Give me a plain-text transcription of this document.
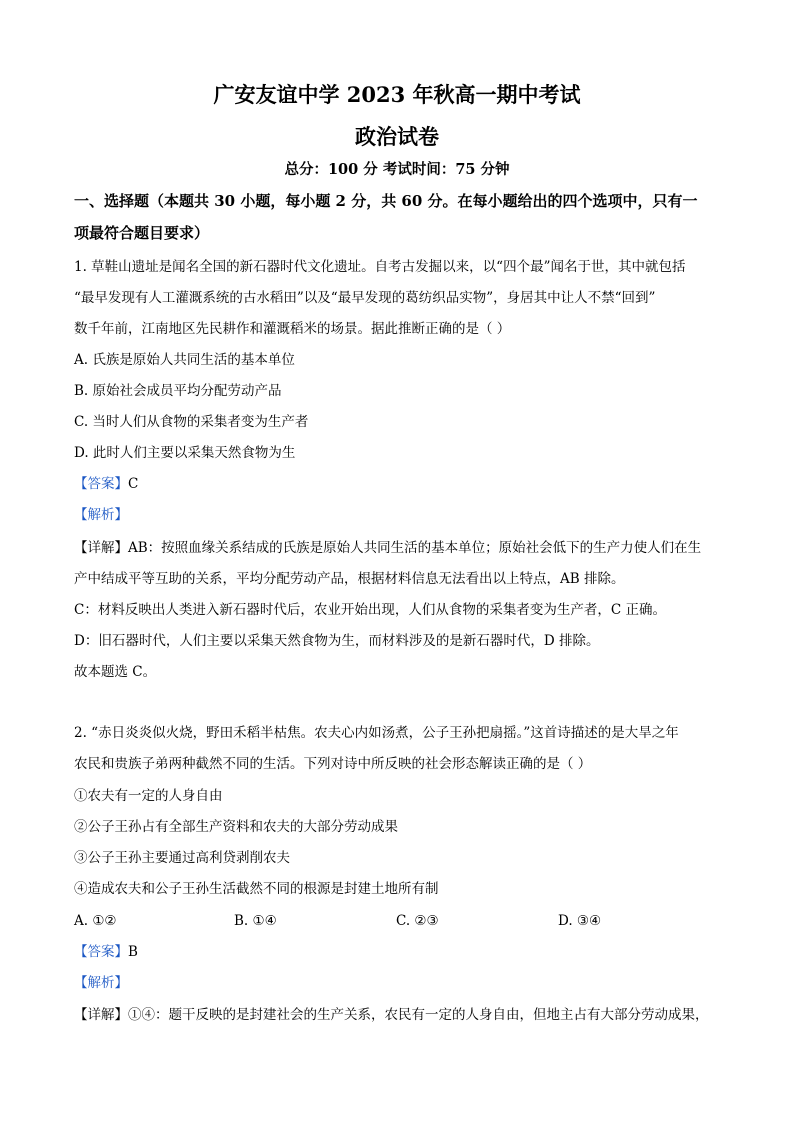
广安友谊中学 2023 年秋高一期中考试
政治试卷
总分：100 分 考试时间：75 分钟
一、选择题（本题共 30 小题，每小题 2 分，共 60 分。在每小题给出的四个选项中，只有一
项最符合题目要求）
1. 草鞋山遗址是闻名全国的新石器时代文化遗址。自考古发掘以来，以“四个最”闻名于世，其中就包括
“最早发现有人工灌溉系统的古水稻田”以及“最早发现的葛纺织品实物”，身居其中让人不禁“回到”
数千年前，江南地区先民耕作和灌溉稻米的场景。据此推断正确的是（ ）
A. 氏族是原始人共同生活的基本单位
B. 原始社会成员平均分配劳动产品
C. 当时人们从食物的采集者变为生产者
D. 此时人们主要以采集天然食物为生
【答案】C
【解析】
【详解】AB：按照血缘关系结成的氏族是原始人共同生活的基本单位；原始社会低下的生产力使人们在生
产中结成平等互助的关系，平均分配劳动产品，根据材料信息无法看出以上特点，AB 排除。
C：材料反映出人类进入新石器时代后，农业开始出现，人们从食物的采集者变为生产者，C 正确。
D：旧石器时代，人们主要以采集天然食物为生，而材料涉及的是新石器时代，D 排除。
故本题选 C。
2. “赤日炎炎似火烧，野田禾稻半枯焦。农夫心内如汤煮，公子王孙把扇摇。”这首诗描述的是大旱之年
农民和贵族子弟两种截然不同的生活。下列对诗中所反映的社会形态解读正确的是（ ）
①农夫有一定的人身自由
②公子王孙占有全部生产资料和农夫的大部分劳动成果
③公子王孙主要通过高利贷剥削农夫
④造成农夫和公子王孙生活截然不同的根源是封建土地所有制
A. ①②	B. ①④	C. ②③	D. ③④
【答案】B
【解析】
【详解】①④：题干反映的是封建社会的生产关系，农民有一定的人身自由，但地主占有大部分劳动成果，
